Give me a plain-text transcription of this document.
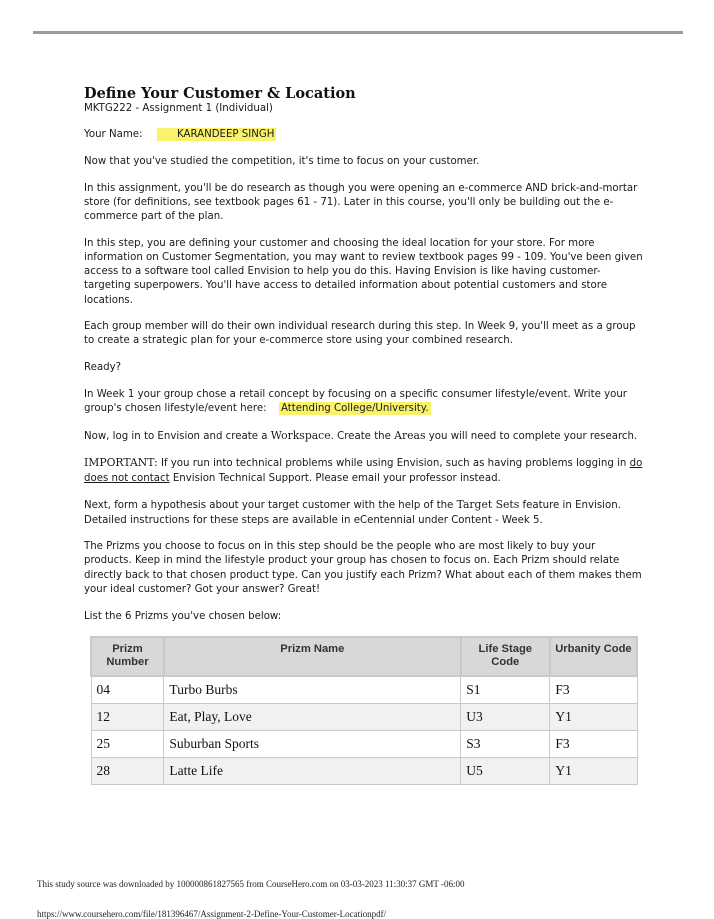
Define Your Customer & Location
MKTG222 - Assignment 1 (Individual)

Your Name:	KARANDEEP SINGH

Now that you've studied the competition, it's time to focus on your customer.

In this assignment, you'll be do research as though you were opening an e-commerce AND brick-and-mortar store (for definitions, see textbook pages 61 - 71). Later in this course, you'll only be building out the e-commerce part of the plan.

In this step, you are defining your customer and choosing the ideal location for your store. For more information on Customer Segmentation, you may want to review textbook pages 99 - 109. You've been given access to a software tool called Envision to help you do this. Having Envision is like having customer-targeting superpowers. You'll have access to detailed information about potential customers and store locations.

Each group member will do their own individual research during this step. In Week 9, you'll meet as a group to create a strategic plan for your e-commerce store using your combined research.

Ready?

In Week 1 your group chose a retail concept by focusing on a specific consumer lifestyle/event. Write your group's chosen lifestyle/event here: Attending College/University.

Now, log in to Envision and create a Workspace. Create the Areas you will need to complete your research.

IMPORTANT: If you run into technical problems while using Envision, such as having problems logging in do does not contact Envision Technical Support. Please email your professor instead.

Next, form a hypothesis about your target customer with the help of the Target Sets feature in Envision. Detailed instructions for these steps are available in eCentennial under Content - Week 5.

The Prizms you choose to focus on in this step should be the people who are most likely to buy your products. Keep in mind the lifestyle product your group has chosen to focus on. Each Prizm should relate directly back to that chosen product type. Can you justify each Prizm? What about each of them makes them your ideal customer? Got your answer? Great!

List the 6 Prizms you've chosen below:

Prizm Number	Prizm Name	Life Stage Code	Urbanity Code
04	Turbo Burbs	S1	F3
12	Eat, Play, Love	U3	Y1
25	Suburban Sports	S3	F3
28	Latte Life	U5	Y1
This study source was downloaded by 100000861827565 from CourseHero.com on 03-03-2023 11:30:37 GMT -06:00
https://www.coursehero.com/file/181396467/Assignment-2-Define-Your-Customer-Locationpdf/
